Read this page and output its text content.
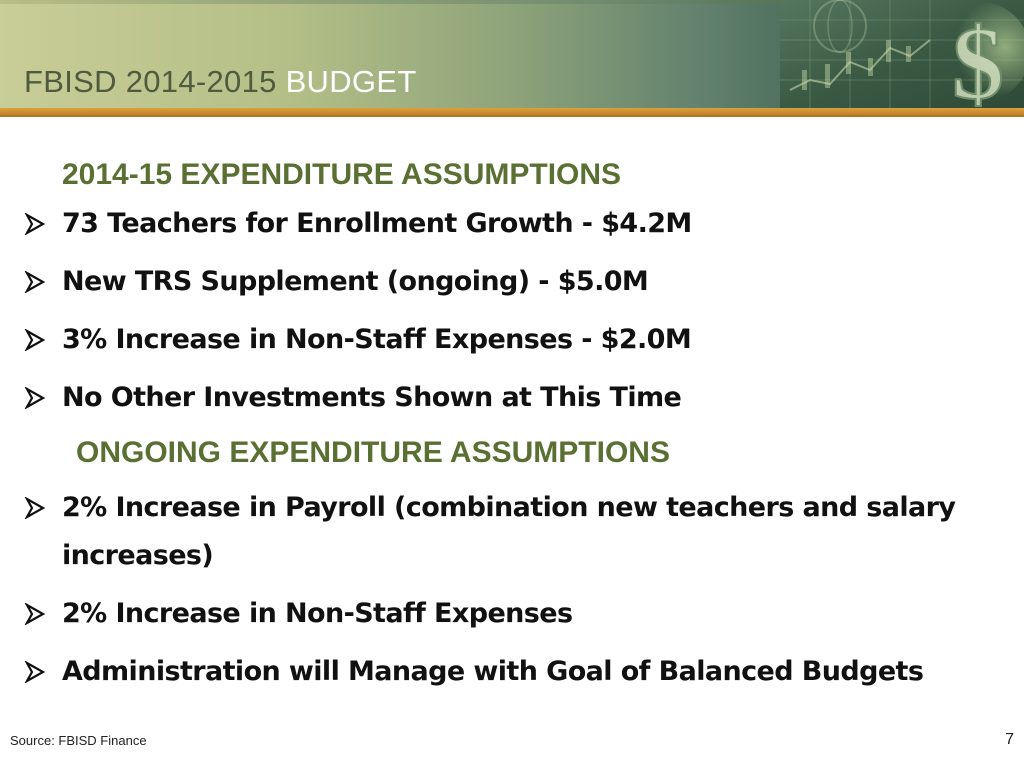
$
FBISD 2014-2015 BUDGET
2014-15 EXPENDITURE ASSUMPTIONS
73 Teachers for Enrollment Growth - $4.2M
New TRS Supplement (ongoing) - $5.0M
3% Increase in Non-Staff Expenses - $2.0M
No Other Investments Shown at This Time
ONGOING EXPENDITURE ASSUMPTIONS
2% Increase in Payroll (combination new teachers and salary increases)
2% Increase in Non-Staff Expenses
Administration will Manage with Goal of Balanced Budgets
Source: FBISD Finance	7
